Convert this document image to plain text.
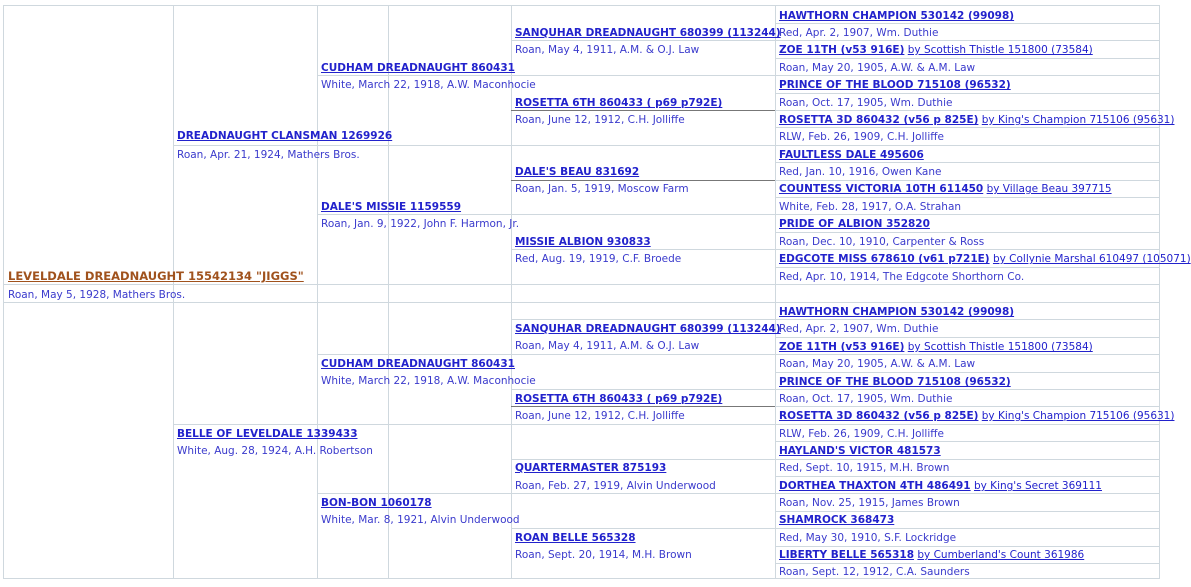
LEVELDALE DREADNAUGHT 15542134 "JIGGS"
Roan, May 5, 1928, Mathers Bros.
DREADNAUGHT CLANSMAN 1269926
Roan, Apr. 21, 1924, Mathers Bros.
BELLE OF LEVELDALE 1339433
White, Aug. 28, 1924, A.H. Robertson
CUDHAM DREADNAUGHT 860431
White, March 22, 1918, A.W. Maconhocie
DALE'S MISSIE 1159559
Roan, Jan. 9, 1922, John F. Harmon, Jr.
CUDHAM DREADNAUGHT 860431
White, March 22, 1918, A.W. Maconhocie
BON-BON 1060178
White, Mar. 8, 1921, Alvin Underwood
SANQUHAR DREADNAUGHT 680399 (113244)
Roan, May 4, 1911, A.M. & O.J. Law
ROSETTA 6TH 860433 ( p69 p792E)
Roan, June 12, 1912, C.H. Jolliffe
DALE'S BEAU 831692
Roan, Jan. 5, 1919, Moscow Farm
MISSIE ALBION 930833
Red, Aug. 19, 1919, C.F. Broede
SANQUHAR DREADNAUGHT 680399 (113244)
Roan, May 4, 1911, A.M. & O.J. Law
ROSETTA 6TH 860433 ( p69 p792E)
Roan, June 12, 1912, C.H. Jolliffe
QUARTERMASTER 875193
Roan, Feb. 27, 1919, Alvin Underwood
ROAN BELLE 565328
Roan, Sept. 20, 1914, M.H. Brown
HAWTHORN CHAMPION 530142 (99098)
Red, Apr. 2, 1907, Wm. Duthie
ZOE 11TH (v53 916E) by Scottish Thistle 151800 (73584)
Roan, May 20, 1905, A.W. & A.M. Law
PRINCE OF THE BLOOD 715108 (96532)
Roan, Oct. 17, 1905, Wm. Duthie
ROSETTA 3D 860432 (v56 p 825E) by King's Champion 715106 (95631)
RLW, Feb. 26, 1909, C.H. Jolliffe
FAULTLESS DALE 495606
Red, Jan. 10, 1916, Owen Kane
COUNTESS VICTORIA 10TH 611450 by Village Beau 397715
White, Feb. 28, 1917, O.A. Strahan
PRIDE OF ALBION 352820
Roan, Dec. 10, 1910, Carpenter & Ross
EDGCOTE MISS 678610 (v61 p721E) by Collynie Marshal 610497 (105071)
Red, Apr. 10, 1914, The Edgcote Shorthorn Co.
HAWTHORN CHAMPION 530142 (99098)
Red, Apr. 2, 1907, Wm. Duthie
ZOE 11TH (v53 916E) by Scottish Thistle 151800 (73584)
Roan, May 20, 1905, A.W. & A.M. Law
PRINCE OF THE BLOOD 715108 (96532)
Roan, Oct. 17, 1905, Wm. Duthie
ROSETTA 3D 860432 (v56 p 825E) by King's Champion 715106 (95631)
RLW, Feb. 26, 1909, C.H. Jolliffe
HAYLAND'S VICTOR 481573
Red, Sept. 10, 1915, M.H. Brown
DORTHEA THAXTON 4TH 486491 by King's Secret 369111
Roan, Nov. 25, 1915, James Brown
SHAMROCK 368473
Red, May 30, 1910, S.F. Lockridge
LIBERTY BELLE 565318 by Cumberland's Count 361986
Roan, Sept. 12, 1912, C.A. Saunders
